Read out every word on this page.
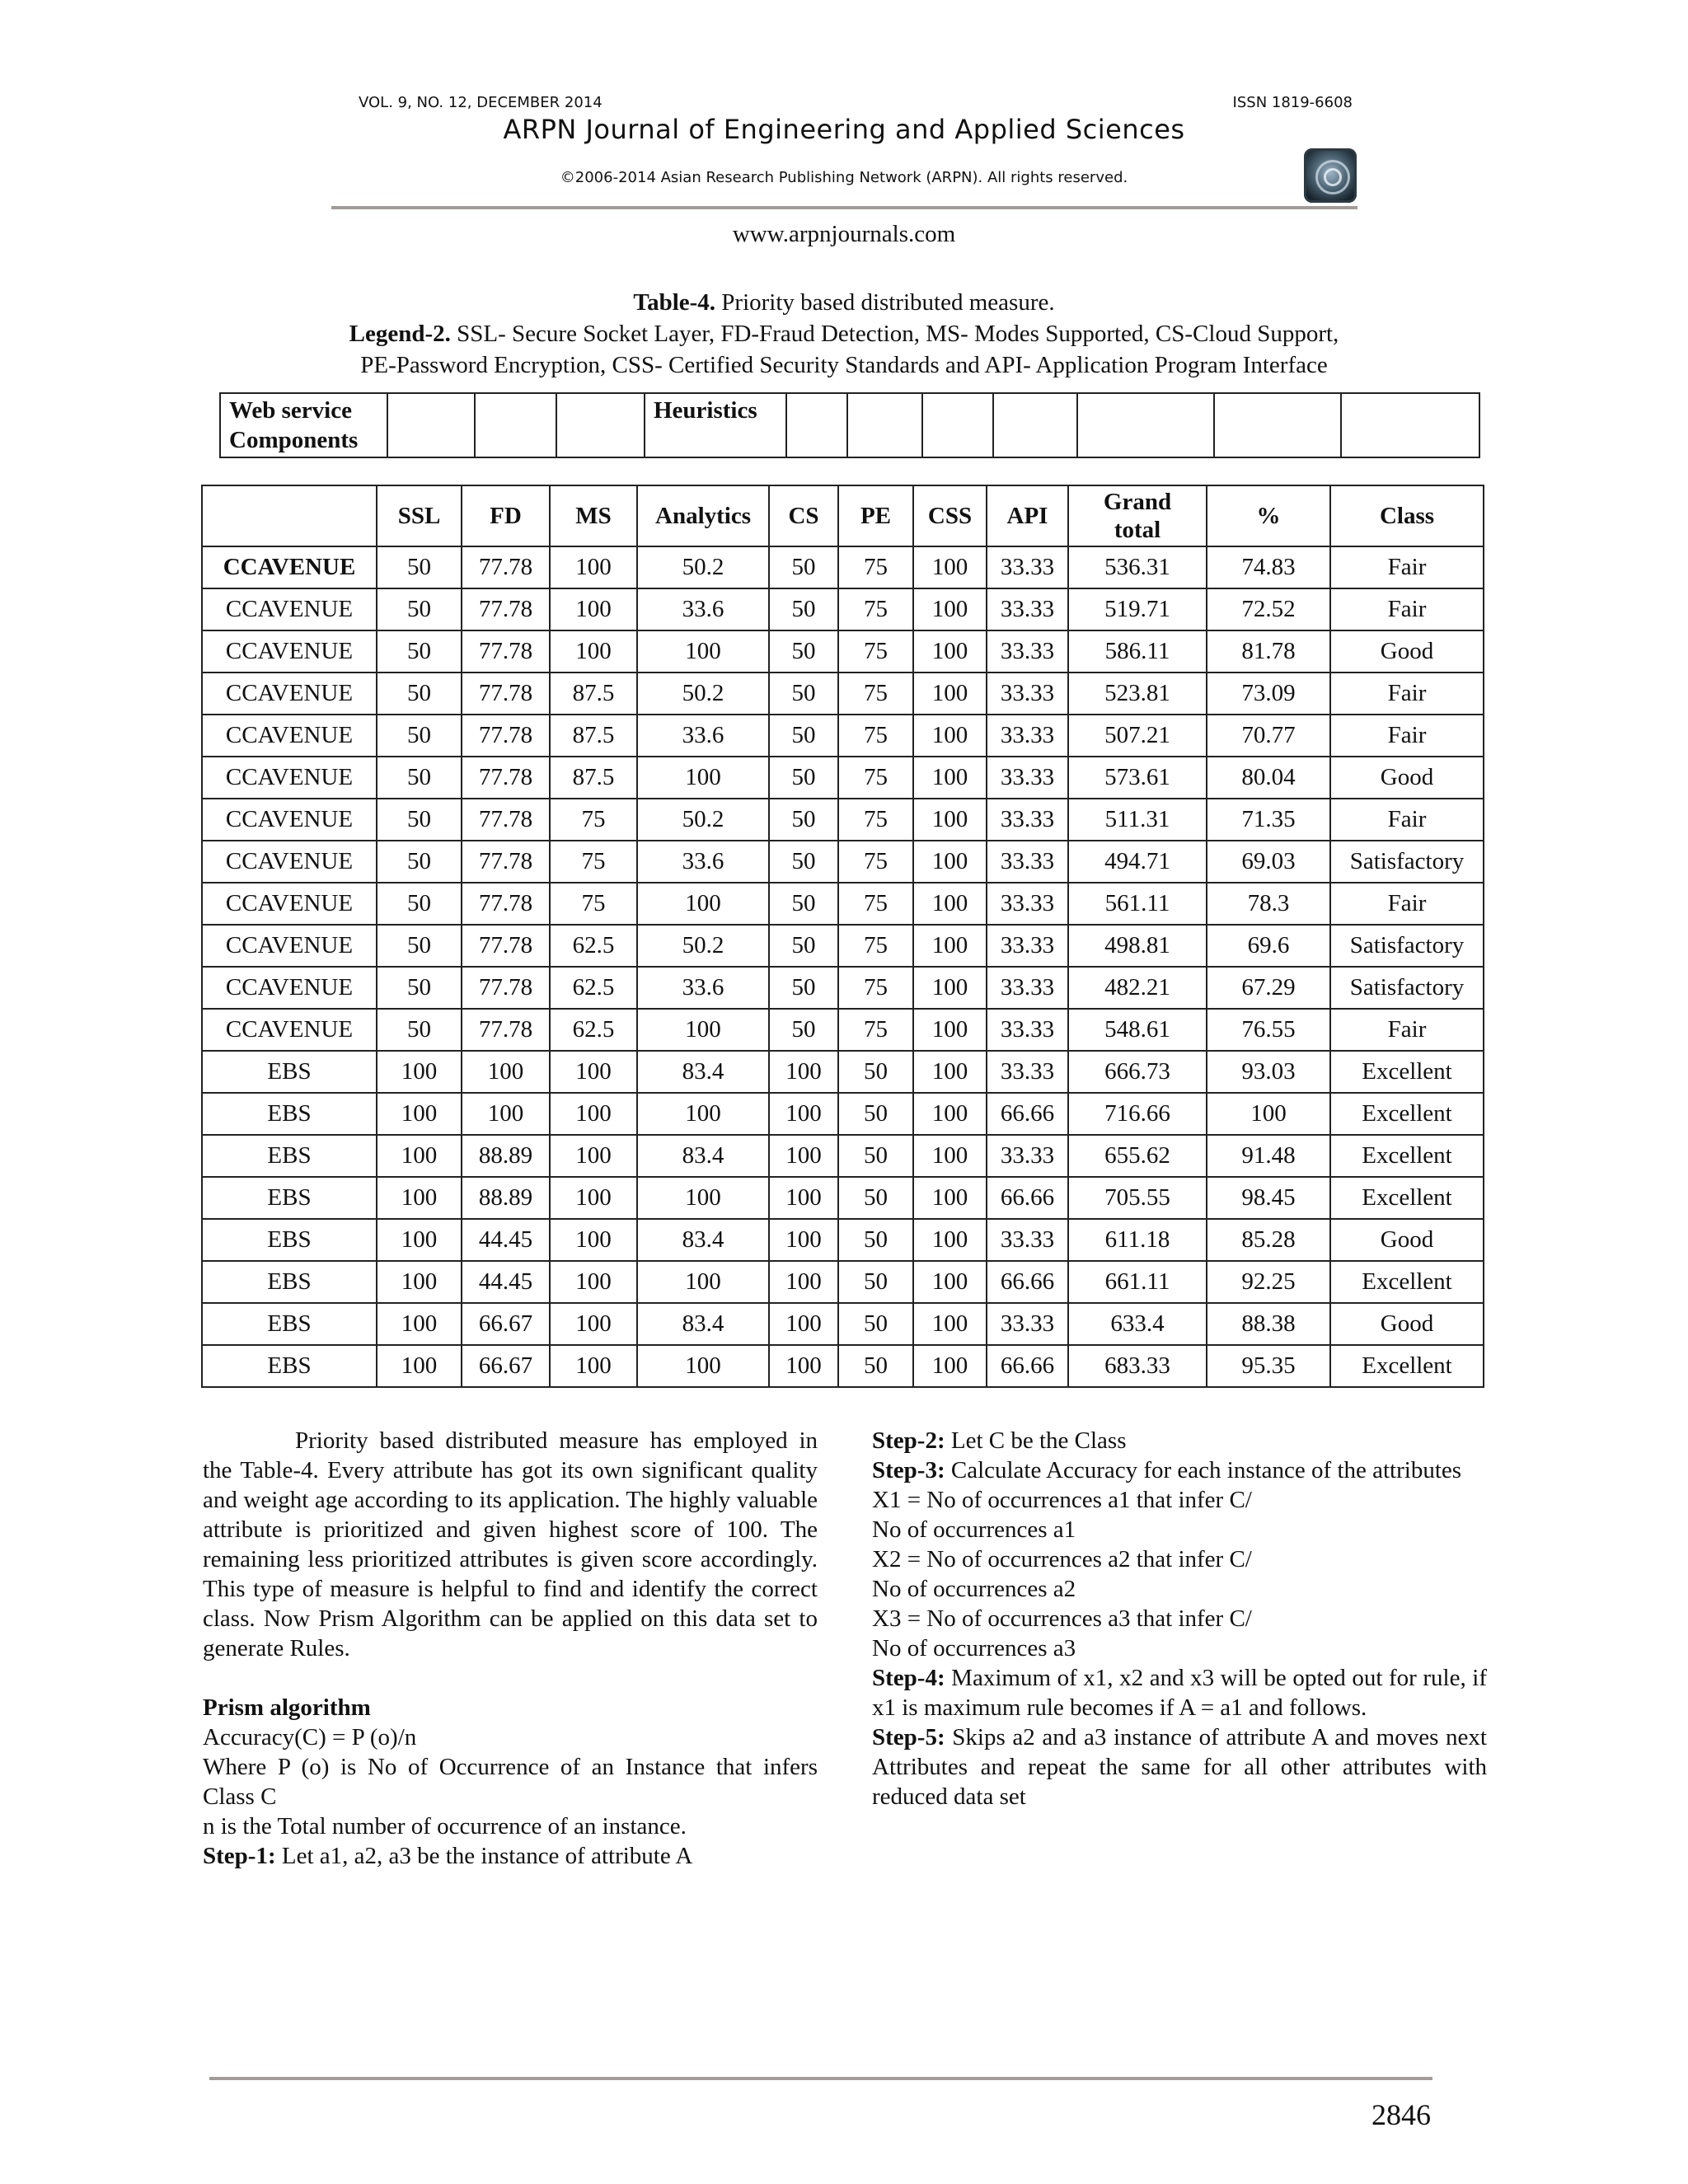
VOL. 9, NO. 12, DECEMBER 2014	ISSN 1819-6608
ARPN Journal of Engineering and Applied Sciences
©2006-2014 Asian Research Publishing Network (ARPN). All rights reserved.
www.arpnjournals.com
Table-4. Priority based distributed measure.
Legend-2. SSL- Secure Socket Layer, FD-Fraud Detection, MS- Modes Supported, CS-Cloud Support,
PE-Password Encryption, CSS- Certified Security Standards and API- Application Program Interface
Web service Components				Heuristics							
	SSL	FD	MS	Analytics	CS	PE	CSS	API	Grand total	%	Class
CCAVENUE	50	77.78	100	50.2	50	75	100	33.33	536.31	74.83	Fair
CCAVENUE	50	77.78	100	33.6	50	75	100	33.33	519.71	72.52	Fair
CCAVENUE	50	77.78	100	100	50	75	100	33.33	586.11	81.78	Good
CCAVENUE	50	77.78	87.5	50.2	50	75	100	33.33	523.81	73.09	Fair
CCAVENUE	50	77.78	87.5	33.6	50	75	100	33.33	507.21	70.77	Fair
CCAVENUE	50	77.78	87.5	100	50	75	100	33.33	573.61	80.04	Good
CCAVENUE	50	77.78	75	50.2	50	75	100	33.33	511.31	71.35	Fair
CCAVENUE	50	77.78	75	33.6	50	75	100	33.33	494.71	69.03	Satisfactory
CCAVENUE	50	77.78	75	100	50	75	100	33.33	561.11	78.3	Fair
CCAVENUE	50	77.78	62.5	50.2	50	75	100	33.33	498.81	69.6	Satisfactory
CCAVENUE	50	77.78	62.5	33.6	50	75	100	33.33	482.21	67.29	Satisfactory
CCAVENUE	50	77.78	62.5	100	50	75	100	33.33	548.61	76.55	Fair
EBS	100	100	100	83.4	100	50	100	33.33	666.73	93.03	Excellent
EBS	100	100	100	100	100	50	100	66.66	716.66	100	Excellent
EBS	100	88.89	100	83.4	100	50	100	33.33	655.62	91.48	Excellent
EBS	100	88.89	100	100	100	50	100	66.66	705.55	98.45	Excellent
EBS	100	44.45	100	83.4	100	50	100	33.33	611.18	85.28	Good
EBS	100	44.45	100	100	100	50	100	66.66	661.11	92.25	Excellent
EBS	100	66.67	100	83.4	100	50	100	33.33	633.4	88.38	Good
EBS	100	66.67	100	100	100	50	100	66.66	683.33	95.35	Excellent

Priority based distributed measure has employed in the Table-4. Every attribute has got its own significant quality and weight age according to its application. The highly valuable attribute is prioritized and given highest score of 100. The remaining less prioritized attributes is given score accordingly. This type of measure is helpful to find and identify the correct class. Now Prism Algorithm can be applied on this data set to generate Rules.

Prism algorithm

Accuracy(C) = P (o)/n

Where P (o) is No of Occurrence of an Instance that infers Class C

n is the Total number of occurrence of an instance.

Step-1: Let a1, a2, a3 be the instance of attribute A

Step-2: Let C be the Class

Step-3: Calculate Accuracy for each instance of the attributes

X1 = No of occurrences a1 that infer C/

No of occurrences a1

X2 = No of occurrences a2 that infer C/

No of occurrences a2

X3 = No of occurrences a3 that infer C/

No of occurrences a3

Step-4: Maximum of x1, x2 and x3 will be opted out for rule, if x1 is maximum rule becomes if A = a1 and follows.

Step-5: Skips a2 and a3 instance of attribute A and moves next Attributes and repeat the same for all other attributes with reduced data set

2846
